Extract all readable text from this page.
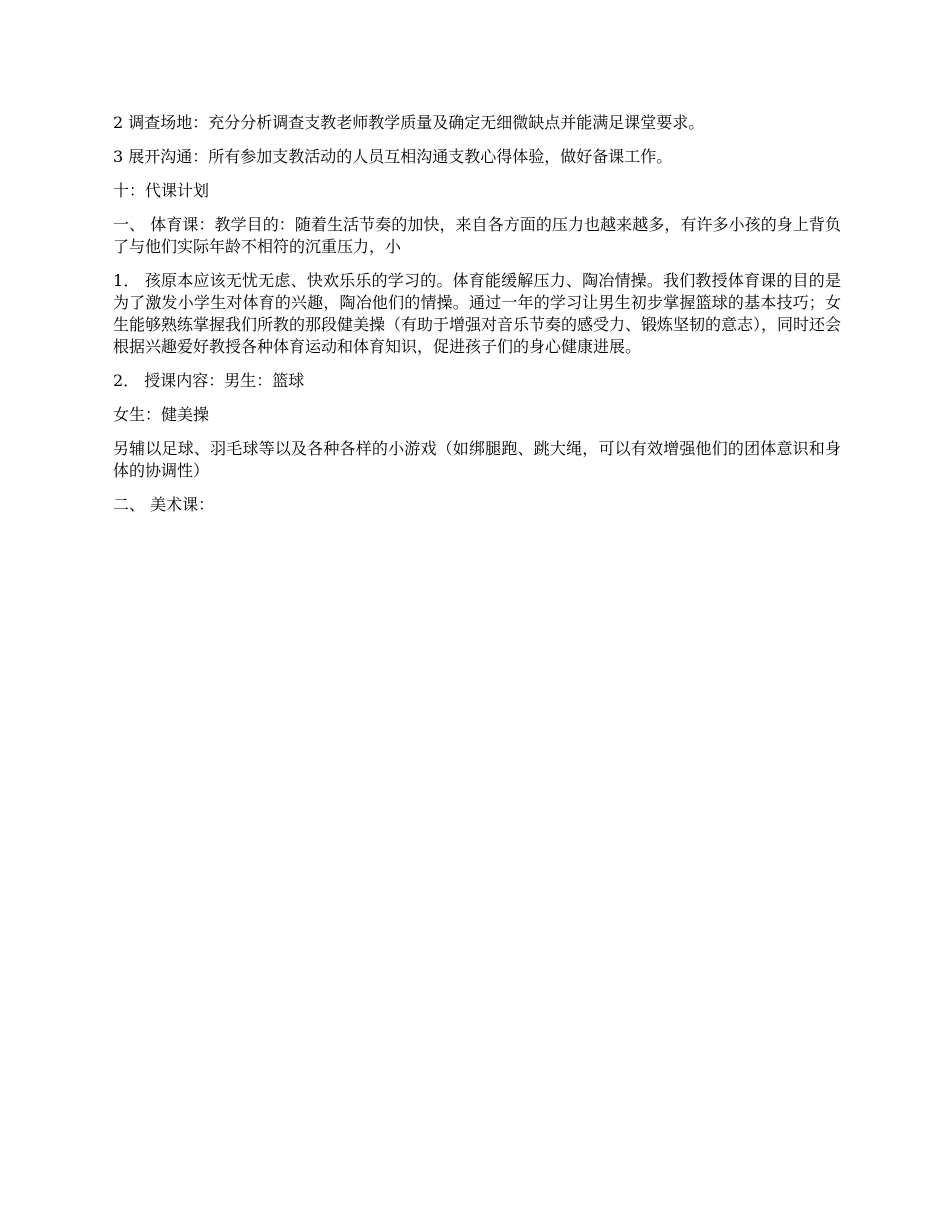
2 调查场地：充分分析调查支教老师教学质量及确定无细微缺点并能满足课堂要求。

3 展开沟通：所有参加支教活动的人员互相沟通支教心得体验，做好备课工作。

十：代课计划

一、 体育课：教学目的：随着生活节奏的加快，来自各方面的压力也越来越多，有许多小孩的身上背负了与他们实际年龄不相符的沉重压力，小

1． 孩原本应该无忧无虑、快欢乐乐的学习的。体育能缓解压力、陶冶情操。我们教授体育课的目的是为了激发小学生对体育的兴趣，陶冶他们的情操。通过一年的学习让男生初步掌握篮球的基本技巧；女生能够熟练掌握我们所教的那段健美操（有助于增强对音乐节奏的感受力、锻炼坚韧的意志），同时还会根据兴趣爱好教授各种体育运动和体育知识，促进孩子们的身心健康进展。

2． 授课内容：男生：篮球

女生：健美操

另辅以足球、羽毛球等以及各种各样的小游戏（如绑腿跑、跳大绳，可以有效增强他们的团体意识和身体的协调性）

二、 美术课：
